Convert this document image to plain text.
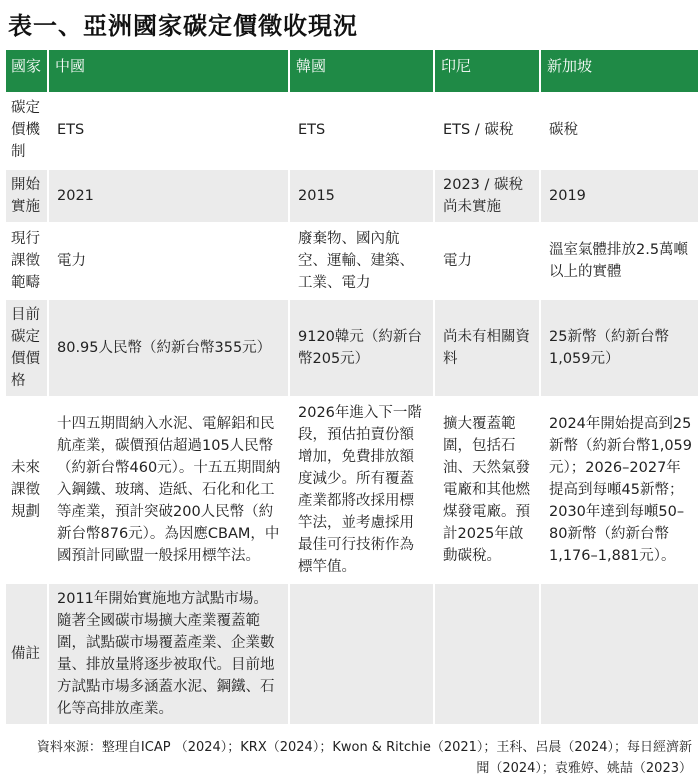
表一、亞洲國家碳定價徵收現況
國家	中國	韓國	印尼	新加坡
碳定價機制	ETS	ETS	ETS / 碳稅	碳稅
開始實施	2021	2015	2023 / 碳稅尚未實施	2019
現行課徵範疇	電力	廢棄物、國內航空、運輸、建築、工業、電力	電力	溫室氣體排放2.5萬噸以上的實體
目前碳定價價格	80.95人民幣（約新台幣355元）	9120韓元（約新台幣205元）	尚未有相關資料	25新幣（約新台幣1,059元）
未來課徵規劃	十四五期間納入水泥、電解鋁和民航產業，碳價預估超過105人民幣（約新台幣460元）。十五五期間納入鋼鐵、玻璃、造紙、石化和化工等產業，預計突破200人民幣（約新台幣876元）。為因應CBAM，中國預計同歐盟一般採用標竿法。	2026年進入下一階段，預估拍賣份額增加，免費排放額度減少。所有覆蓋產業都將改採用標竿法，並考慮採用最佳可行技術作為標竿值。	擴大覆蓋範圍，包括石油、天然氣發電廠和其他燃煤發電廠。預計2025年啟動碳稅。	2024年開始提高到25新幣（約新台幣1,059元）；2026–2027年提高到每噸45新幣；2030年達到每噸50–80新幣（約新台幣1,176–1,881元）。
備註	2011年開始實施地方試點市場。隨著全國碳市場擴大產業覆蓋範圍，試點碳市場覆蓋產業、企業數量、排放量將逐步被取代。目前地方試點市場多涵蓋水泥、鋼鐵、石化等高排放產業。			
資料來源：整理自ICAP （2024）；KRX（2024）；Kwon & Ritchie（2021）；王科、呂晨（2024）；每日經濟新聞（2024）；袁雅婷、姚喆（2023）
